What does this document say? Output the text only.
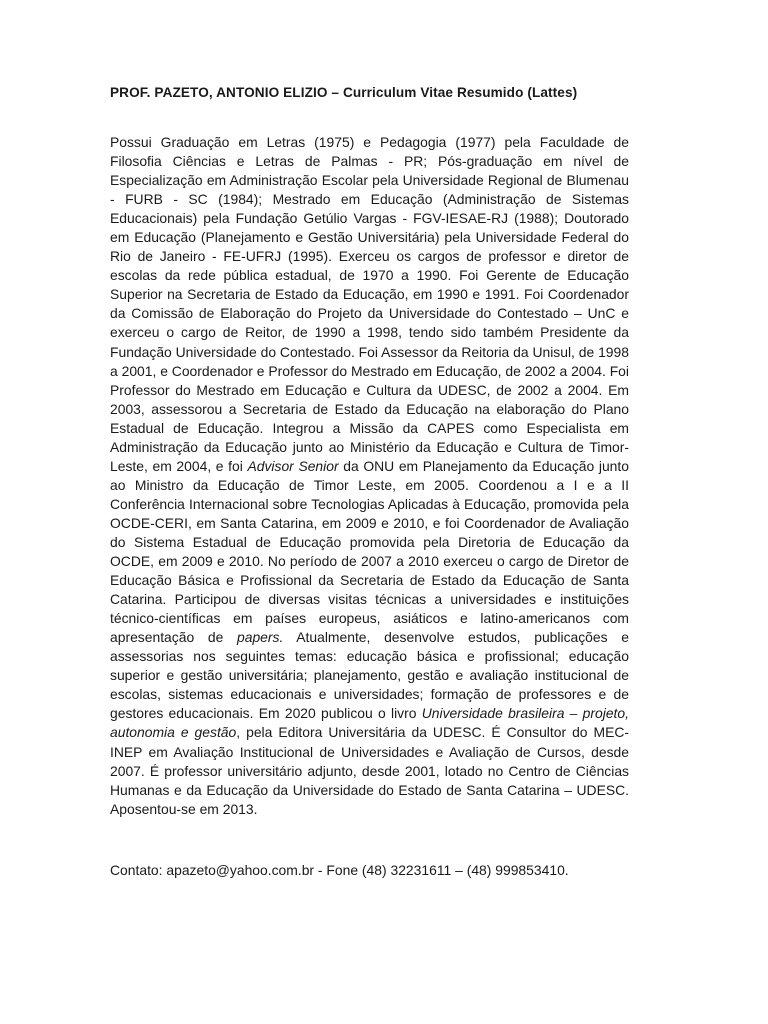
PROF. PAZETO, ANTONIO ELIZIO – Curriculum Vitae Resumido (Lattes)

Possui Graduação em Letras (1975) e Pedagogia (1977) pela Faculdade de Filosofia Ciências e Letras de Palmas - PR; Pós-graduação em nível de Especialização em Administração Escolar pela Universidade Regional de Blumenau - FURB - SC (1984); Mestrado em Educação (Administração de Sistemas Educacionais) pela Fundação Getúlio Vargas - FGV-IESAE-RJ (1988); Doutorado em Educação (Planejamento e Gestão Universitária) pela Universidade Federal do Rio de Janeiro - FE-UFRJ (1995). Exerceu os cargos de professor e diretor de escolas da rede pública estadual, de 1970 a 1990. Foi Gerente de Educação Superior na Secretaria de Estado da Educação, em 1990 e 1991. Foi Coordenador da Comissão de Elaboração do Projeto da Universidade do Contestado – UnC e exerceu o cargo de Reitor, de 1990 a 1998, tendo sido também Presidente da Fundação Universidade do Contestado. Foi Assessor da Reitoria da Unisul, de 1998 a 2001, e Coordenador e Professor do Mestrado em Educação, de 2002 a 2004. Foi Professor do Mestrado em Educação e Cultura da UDESC, de 2002 a 2004. Em 2003, assessorou a Secretaria de Estado da Educação na elaboração do Plano Estadual de Educação. Integrou a Missão da CAPES como Especialista em Administração da Educação junto ao Ministério da Educação e Cultura de Timor-Leste, em 2004, e foi Advisor Senior da ONU em Planejamento da Educação junto ao Ministro da Educação de Timor Leste, em 2005. Coordenou a I e a II Conferência Internacional sobre Tecnologias Aplicadas à Educação, promovida pela OCDE-CERI, em Santa Catarina, em 2009 e 2010, e foi Coordenador de Avaliação do Sistema Estadual de Educação promovida pela Diretoria de Educação da OCDE, em 2009 e 2010. No período de 2007 a 2010 exerceu o cargo de Diretor de Educação Básica e Profissional da Secretaria de Estado da Educação de Santa Catarina. Participou de diversas visitas técnicas a universidades e instituições técnico-científicas em países europeus, asiáticos e latino-americanos com apresentação de papers. Atualmente, desenvolve estudos, publicações e assessorias nos seguintes temas: educação básica e profissional; educação superior e gestão universitária; planejamento, gestão e avaliação institucional de escolas, sistemas educacionais e universidades; formação de professores e de gestores educacionais. Em 2020 publicou o livro Universidade brasileira – projeto, autonomia e gestão, pela Editora Universitária da UDESC. É Consultor do MEC-INEP em Avaliação Institucional de Universidades e Avaliação de Cursos, desde 2007. É professor universitário adjunto, desde 2001, lotado no Centro de Ciências Humanas e da Educação da Universidade do Estado de Santa Catarina – UDESC. Aposentou-se em 2013.

Contato: apazeto@yahoo.com.br - Fone (48) 32231611 – (48) 999853410.
